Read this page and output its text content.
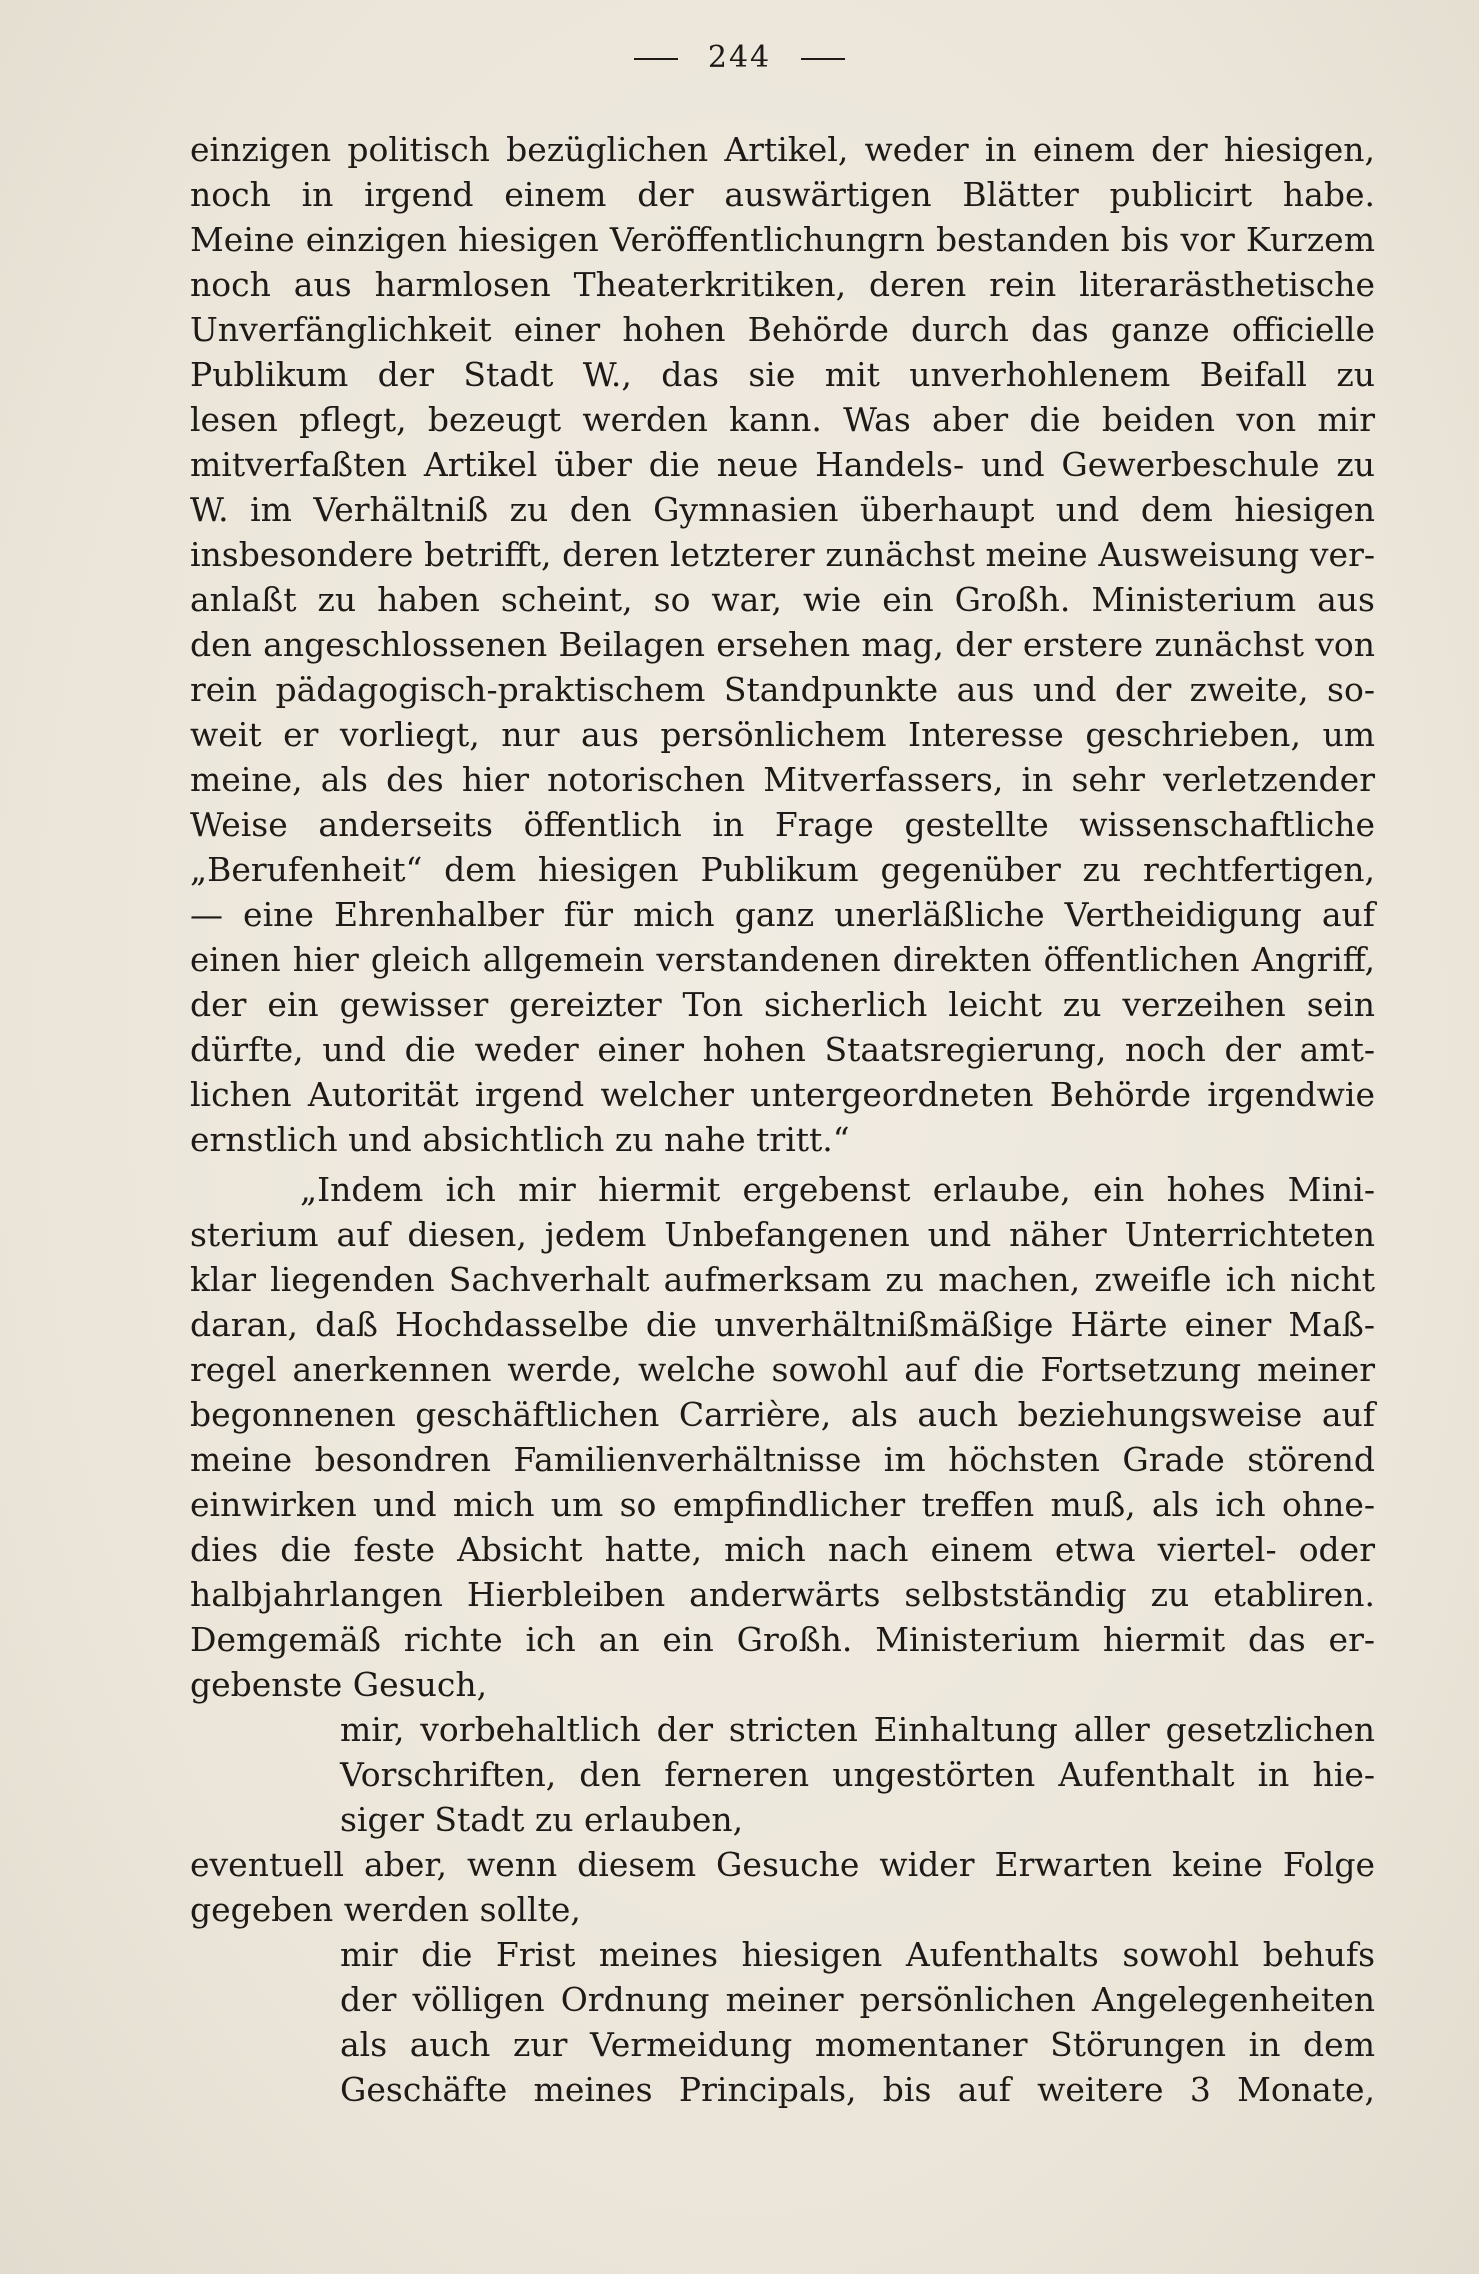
244
einzigen politisch bezüglichen Artikel, weder in einem der hiesigen,
noch in irgend einem der auswärtigen Blätter publicirt habe.
Meine einzigen hiesigen Veröffentlichungrn bestanden bis vor Kurzem
noch aus harmlosen Theaterkritiken, deren rein literarästhetische
Unverfänglichkeit einer hohen Behörde durch das ganze officielle
Publikum der Stadt W., das sie mit unverhohlenem Beifall zu
lesen pflegt, bezeugt werden kann. Was aber die beiden von mir
mitverfaßten Artikel über die neue Handels- und Gewerbeschule zu
W. im Verhältniß zu den Gymnasien überhaupt und dem hiesigen
insbesondere betrifft, deren letzterer zunächst meine Ausweisung ver-
anlaßt zu haben scheint, so war, wie ein Großh. Ministerium aus
den angeschlossenen Beilagen ersehen mag, der erstere zunächst von
rein pädagogisch-praktischem Standpunkte aus und der zweite, so-
weit er vorliegt, nur aus persönlichem Interesse geschrieben, um
meine, als des hier notorischen Mitverfassers, in sehr verletzender
Weise anderseits öffentlich in Frage gestellte wissenschaftliche
„Berufenheit“ dem hiesigen Publikum gegenüber zu rechtfertigen,
— eine Ehrenhalber für mich ganz unerläßliche Vertheidigung auf
einen hier gleich allgemein verstandenen direkten öffentlichen Angriff,
der ein gewisser gereizter Ton sicherlich leicht zu verzeihen sein
dürfte, und die weder einer hohen Staatsregierung, noch der amt-
lichen Autorität irgend welcher untergeordneten Behörde irgendwie
ernstlich und absichtlich zu nahe tritt.“
„Indem ich mir hiermit ergebenst erlaube, ein hohes Mini-
sterium auf diesen, jedem Unbefangenen und näher Unterrichteten
klar liegenden Sachverhalt aufmerksam zu machen, zweifle ich nicht
daran, daß Hochdasselbe die unverhältnißmäßige Härte einer Maß-
regel anerkennen werde, welche sowohl auf die Fortsetzung meiner
begonnenen geschäftlichen Carrière, als auch beziehungsweise auf
meine besondren Familienverhältnisse im höchsten Grade störend
einwirken und mich um so empfindlicher treffen muß, als ich ohne-
dies die feste Absicht hatte, mich nach einem etwa viertel- oder
halbjahrlangen Hierbleiben anderwärts selbstständig zu etabliren.
Demgemäß richte ich an ein Großh. Ministerium hiermit das er-
gebenste Gesuch,
mir, vorbehaltlich der stricten Einhaltung aller gesetzlichen
Vorschriften, den ferneren ungestörten Aufenthalt in hie-
siger Stadt zu erlauben,
eventuell aber, wenn diesem Gesuche wider Erwarten keine Folge
gegeben werden sollte,
mir die Frist meines hiesigen Aufenthalts sowohl behufs
der völligen Ordnung meiner persönlichen Angelegenheiten
als auch zur Vermeidung momentaner Störungen in dem
Geschäfte meines Principals, bis auf weitere 3 Monate,
